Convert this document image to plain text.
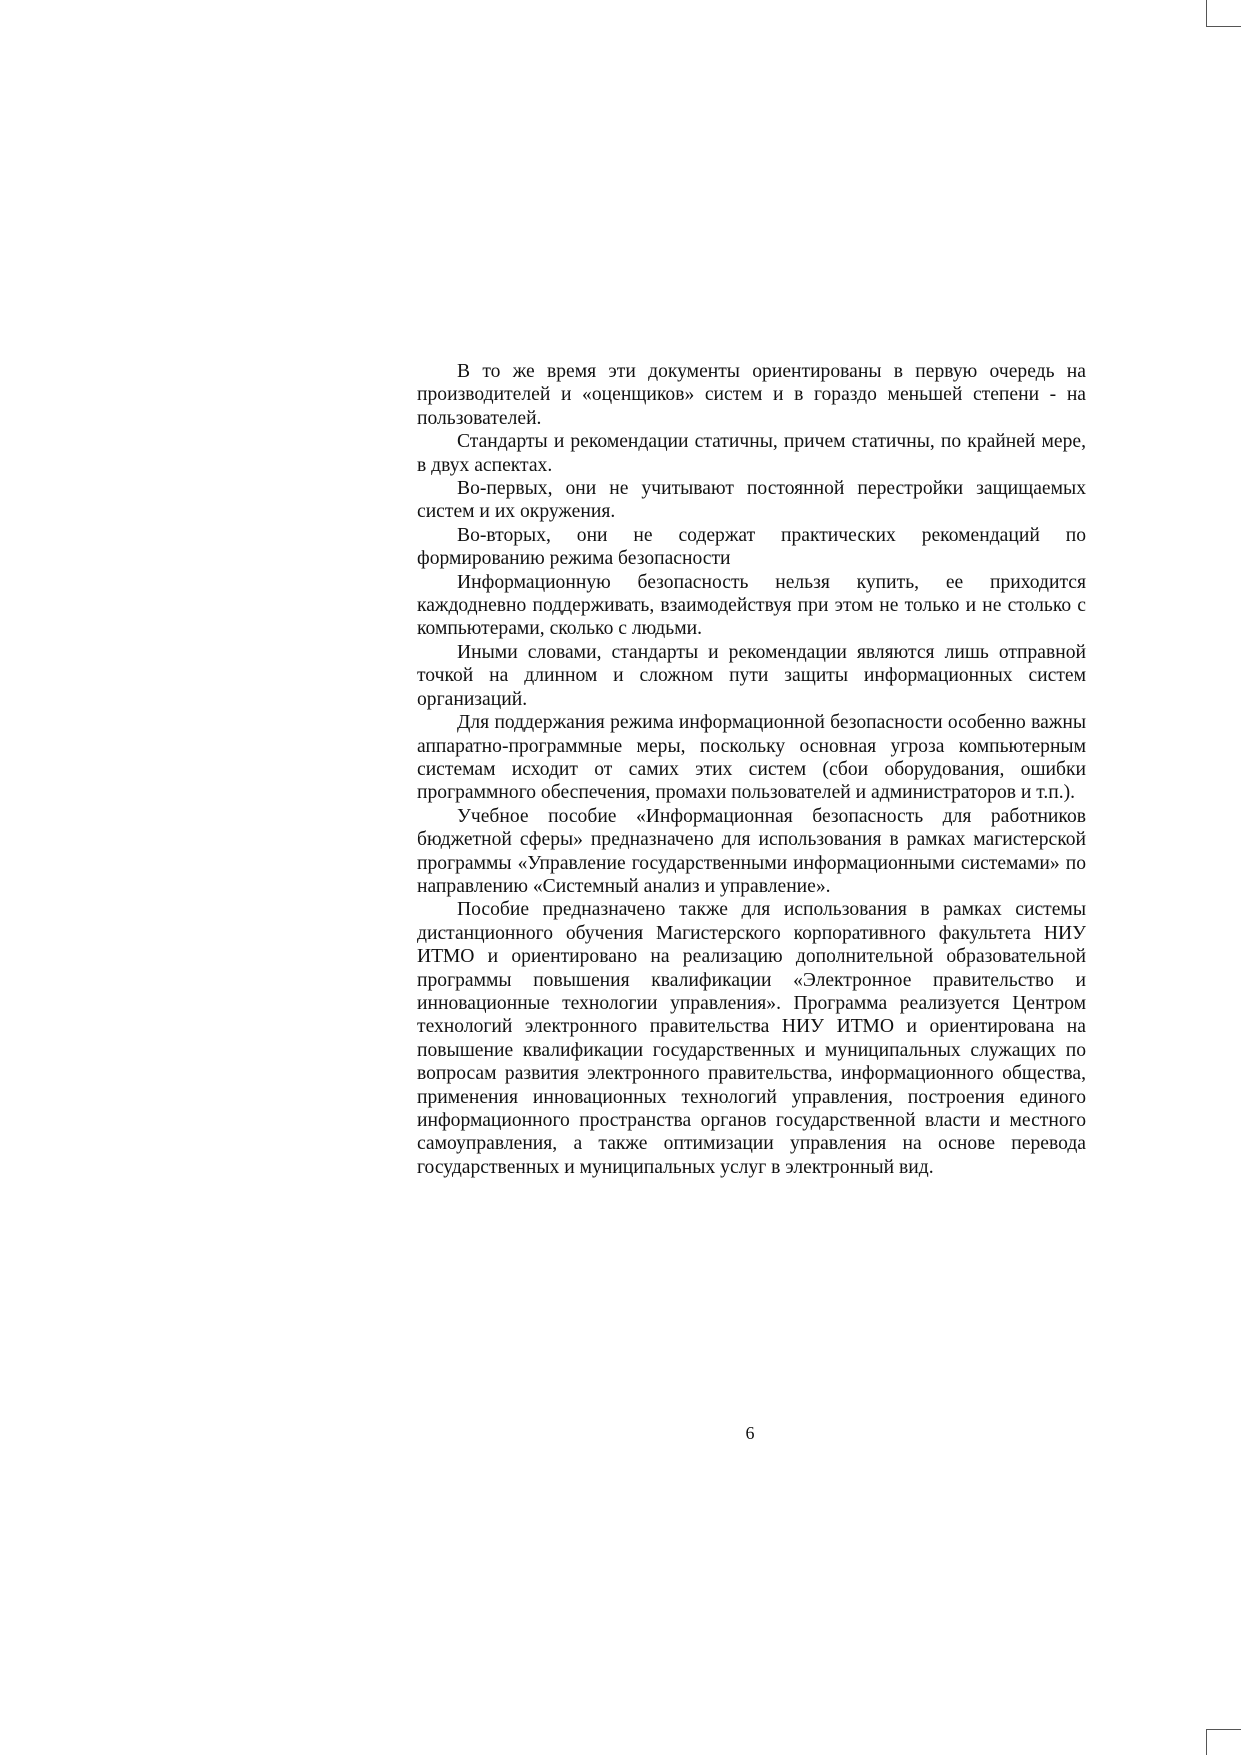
В то же время эти документы ориентированы в первую очередь на производителей и «оценщиков» систем и в гораздо меньшей степени - на пользователей.

Стандарты и рекомендации статичны, причем статичны, по крайней мере, в двух аспектах.

Во-первых, они не учитывают постоянной перестройки защищаемых систем и их окружения.

Во-вторых, они не содержат практических рекомендаций по формированию режима безопасности

Информационную безопасность нельзя купить, ее приходится каждодневно поддерживать, взаимодействуя при этом не только и не столько с компьютерами, сколько с людьми.

Иными словами, стандарты и рекомендации являются лишь отправной точкой на длинном и сложном пути защиты информационных систем организаций.

Для поддержания режима информационной безопасности особенно важны аппаратно-программные меры, поскольку основная угроза компьютерным системам исходит от самих этих систем (сбои оборудования, ошибки программного обеспечения, промахи пользователей и администраторов и т.п.).

Учебное пособие «Информационная безопасность для работников бюджетной сферы» предназначено для использования в рамках магистерской программы «Управление государственными информационными системами» по направлению «Системный анализ и управление».

Пособие предназначено также для использования в рамках системы дистанционного обучения Магистерского корпоративного факультета НИУ ИТМО и ориентировано на реализацию дополнительной образовательной программы повышения квалификации «Электронное правительство и инновационные технологии управления». Программа реализуется Центром технологий электронного правительства НИУ ИТМО и ориентирована на повышение квалификации государственных и муниципальных служащих по вопросам развития электронного правительства, информационного общества, применения инновационных технологий управления, построения единого информационного пространства органов государственной власти и местного самоуправления, а также оптимизации управления на основе перевода государственных и муниципальных услуг в электронный вид.

6
